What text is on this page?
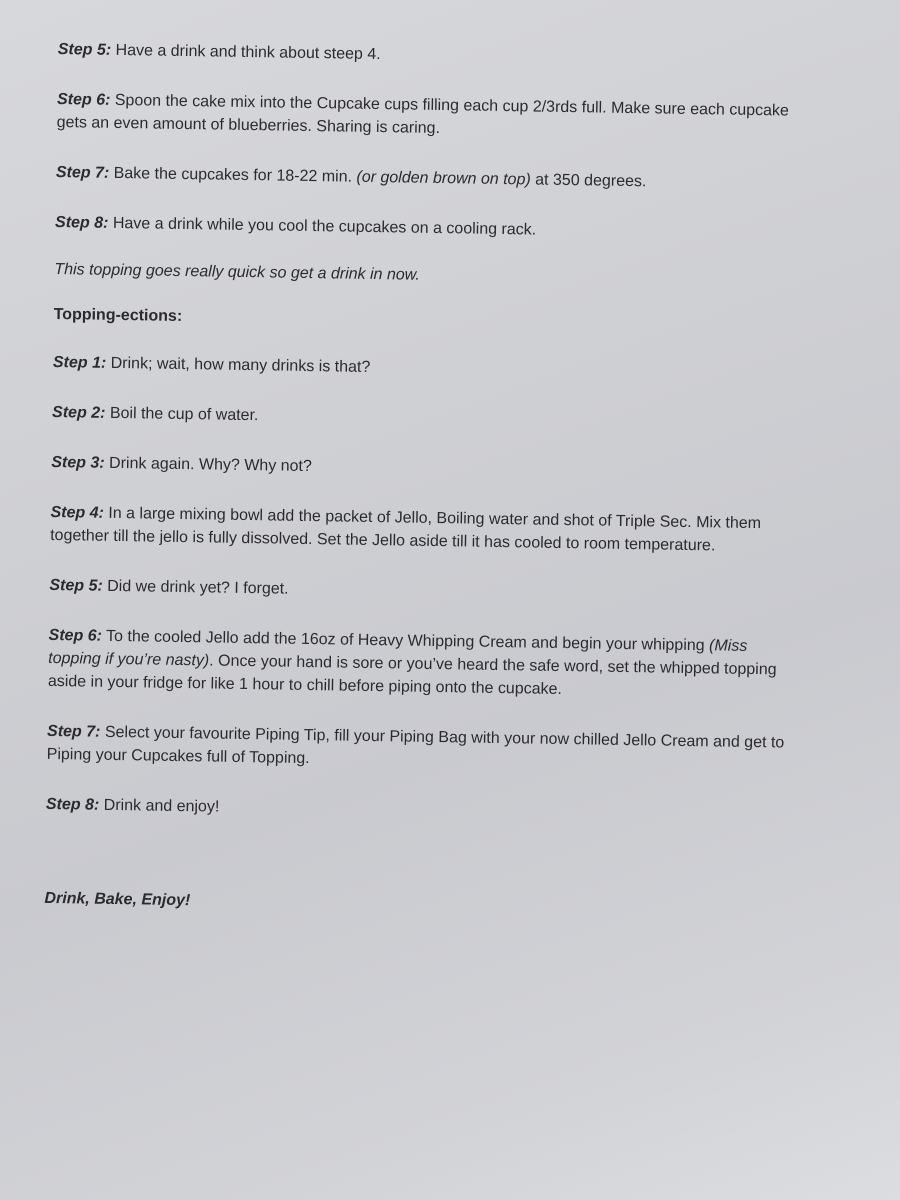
Step 5: Have a drink and think about steep 4.

Step 6: Spoon the cake mix into the Cupcake cups filling each cup 2/3rds full. Make sure each cupcake gets an even amount of blueberries. Sharing is caring.

Step 7: Bake the cupcakes for 18-22 min. (or golden brown on top) at 350 degrees.

Step 8: Have a drink while you cool the cupcakes on a cooling rack.

This topping goes really quick so get a drink in now.

Topping-ections:

Step 1: Drink; wait, how many drinks is that?

Step 2: Boil the cup of water.

Step 3: Drink again. Why? Why not?

Step 4: In a large mixing bowl add the packet of Jello, Boiling water and shot of Triple Sec. Mix them together till the jello is fully dissolved. Set the Jello aside till it has cooled to room temperature.

Step 5: Did we drink yet? I forget.

Step 6: To the cooled Jello add the 16oz of Heavy Whipping Cream and begin your whipping (Miss topping if you’re nasty). Once your hand is sore or you’ve heard the safe word, set the whipped topping aside in your fridge for like 1 hour to chill before piping onto the cupcake.

Step 7: Select your favourite Piping Tip, fill your Piping Bag with your now chilled Jello Cream and get to Piping your Cupcakes full of Topping.

Step 8: Drink and enjoy!

Drink, Bake, Enjoy!
